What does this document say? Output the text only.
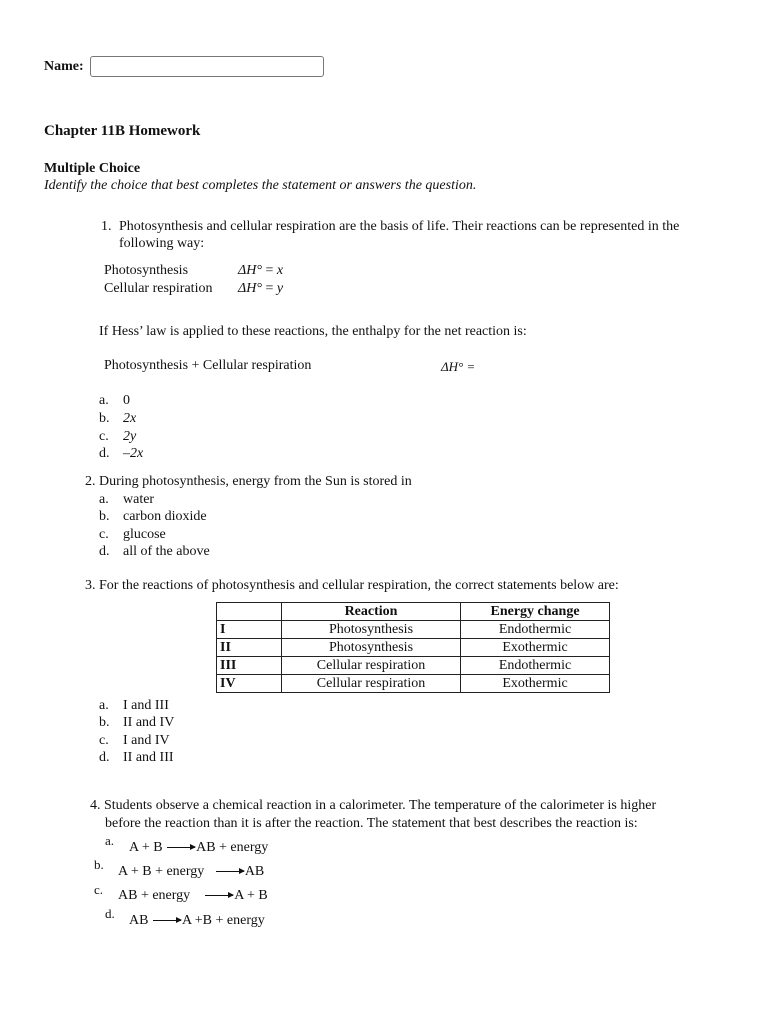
Name:
Chapter 11B Homework
Multiple Choice
Identify the choice that best completes the statement or answers the question.
1. Photosynthesis and cellular respiration are the basis of life. Their reactions can be represented in the
following way:
Photosynthesis	ΔH° = x
Cellular respiration ΔH° = y
If Hess’ law is applied to these reactions, the enthalpy for the net reaction is:
Photosynthesis + Cellular respiration	ΔH° =
a. 0
b. 2x
c. 2y
d. –2x
2. During photosynthesis, energy from the Sun is stored in
a. water
b. carbon dioxide
c. glucose
d. all of the above
3. For the reactions of photosynthesis and cellular respiration, the correct statements below are:
	Reaction	Energy change
I	Photosynthesis	Endothermic
II	Photosynthesis	Exothermic
III	Cellular respiration	Endothermic
IV	Cellular respiration	Exothermic
a. I and III
b. II and IV
c. I and IV
d. II and III
4. Students observe a chemical reaction in a calorimeter. The temperature of the calorimeter is higher
before the reaction than it is after the reaction. The statement that best describes the reaction is:
a. A + B →AB + energy
b. A + B + energy →AB
c. AB + energy →A + B
d. AB →A +B + energy
